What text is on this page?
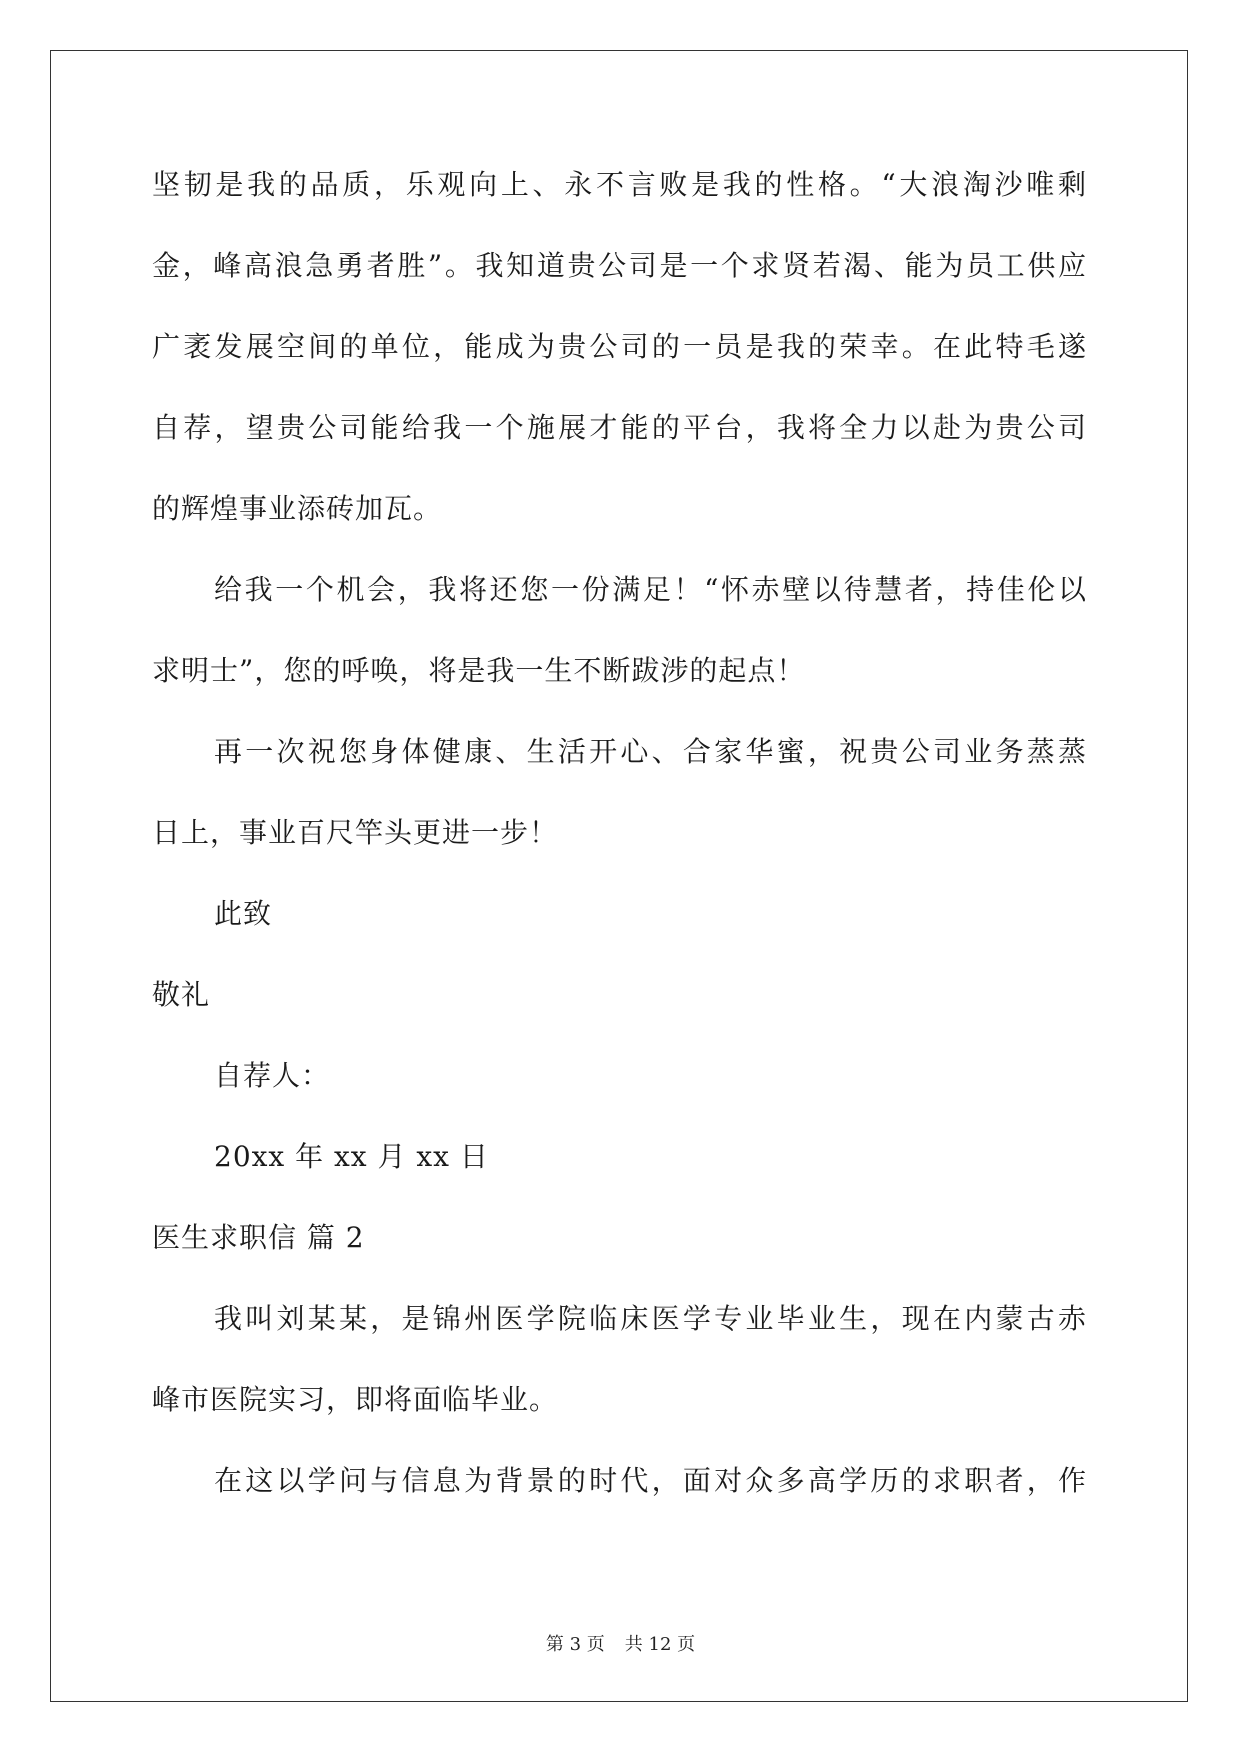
坚韧是我的品质，乐观向上、永不言败是我的性格。“大浪淘沙唯剩
金，峰高浪急勇者胜”。我知道贵公司是一个求贤若渴、能为员工供应
广袤发展空间的单位，能成为贵公司的一员是我的荣幸。在此特毛遂
自荐，望贵公司能给我一个施展才能的平台，我将全力以赴为贵公司
的辉煌事业添砖加瓦。
给我一个机会，我将还您一份满足！“怀赤壁以待慧者，持佳伦以
求明士”，您的呼唤，将是我一生不断跋涉的起点！
再一次祝您身体健康、生活开心、合家华蜜，祝贵公司业务蒸蒸
日上，事业百尺竿头更进一步！
此致
敬礼
自荐人：
20xx 年 xx 月 xx 日
医生求职信 篇 2
我叫刘某某，是锦州医学院临床医学专业毕业生，现在内蒙古赤
峰市医院实习，即将面临毕业。
在这以学问与信息为背景的时代，面对众多高学历的求职者，作
第 3 页 共 12 页
